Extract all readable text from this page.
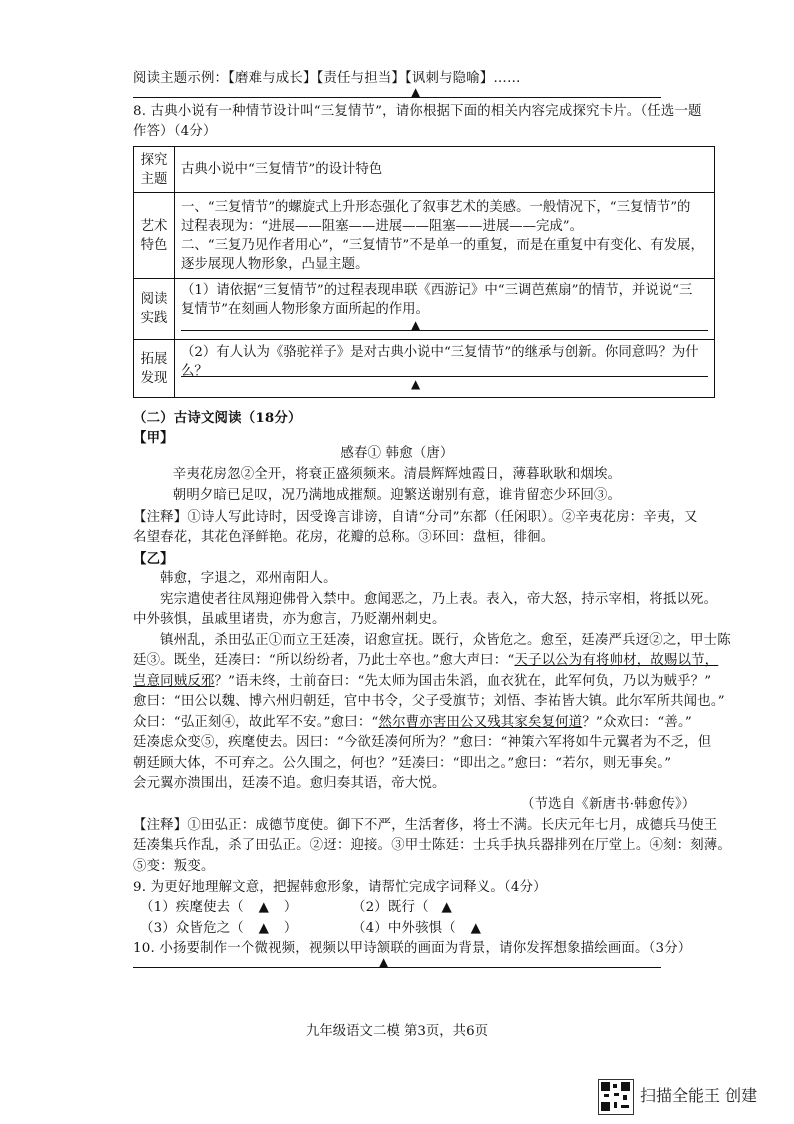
阅读主题示例：【磨难与成长】【责任与担当】【讽刺与隐喻】……
▲
8. 古典小说有一种情节设计叫“三复情节”，请你根据下面的相关内容完成探究卡片。（任选一题
作答）（4分）
探究主题	古典小说中“三复情节”的设计特色
艺术特色	一、“三复情节”的螺旋式上升形态强化了叙事艺术的美感。一般情况下，“三复情节”的
过程表现为：“进展——阻塞——进展——阻塞——进展——完成”。
二、“三复乃见作者用心”，“三复情节”不是单一的重复，而是在重复中有变化、有发展，
逐步展现人物形象，凸显主题。

阅读实践	（1）请依据“三复情节”的过程表现串联《西游记》中“三调芭蕉扇”的情节，并说说“三
复情节”在刻画人物形象方面所起的作用。
▲

拓展发现	（2）有人认为《骆驼祥子》是对古典小说中“三复情节”的继承与创新。你同意吗？为什么？
▲
（二）古诗文阅读（18分）
【甲】
感春① 韩愈（唐）
辛夷花房忽②全开，将衰正盛须频来。清晨辉辉烛霞日，薄暮耿耿和烟埃。
朝明夕暗已足叹，况乃满地成摧颓。迎繁送谢别有意，谁肯留恋少环回③。
【注释】①诗人写此诗时，因受谗言诽谤，自请“分司”东都（任闲职）。②辛夷花房：辛夷，又
名望春花，其花色泽鲜艳。花房，花瓣的总称。③环回：盘桓，徘徊。
【乙】
韩愈，字退之，邓州南阳人。
宪宗遣使者往凤翔迎佛骨入禁中。愈闻恶之，乃上表。表入，帝大怒，持示宰相，将抵以死。
中外骇惧，虽戚里诸贵，亦为愈言，乃贬潮州刺史。
镇州乱，杀田弘正①而立王廷凑，诏愈宣抚。既行，众皆危之。愈至，廷凑严兵迓②之，甲士陈
廷③。既坐，廷凑曰：“所以纷纷者，乃此士卒也。”愈大声曰：“天子以公为有将帅材，故赐以节，
岂意同贼反邪？”语未终，士前奋曰：“先太师为国击朱滔，血衣犹在，此军何负，乃以为贼乎？”
愈曰：“田公以魏、博六州归朝廷，官中书令，父子受旗节；刘悟、李祐皆大镇。此尔军所共闻也。”
众曰：“弘正刻④，故此军不安。”愈曰：“然尔曹亦害田公又残其家矣复何道？”众欢曰：“善。”
廷凑虑众变⑤，疾麾使去。因曰：“今欲廷凑何所为？”愈曰：“神策六军将如牛元翼者为不乏，但
朝廷顾大体，不可弃之。公久围之，何也？”廷凑曰：“即出之。”愈曰：“若尔，则无事矣。”
会元翼亦溃围出，廷凑不追。愈归奏其语，帝大悦。
（节选自《新唐书·韩愈传》）
【注释】①田弘正：成德节度使。御下不严，生活奢侈，将士不满。长庆元年七月，成德兵马使王
廷凑集兵作乱，杀了田弘正。②迓：迎接。③甲士陈廷：士兵手执兵器排列在厅堂上。④刻：刻薄。
⑤变：叛变。
9. 为更好地理解文意，把握韩愈形象，请帮忙完成字词释义。（4分）
（1）疾麾使去（ ▲ ）	（2）既行（ ▲
（3）众皆危之（ ▲ ）	（4）中外骇惧（ ▲
10. 小扬要制作一个微视频，视频以甲诗颔联的画面为背景，请你发挥想象描绘画面。（3分）
▲
九年级语文二模 第3页，共6页
扫描全能王 创建
